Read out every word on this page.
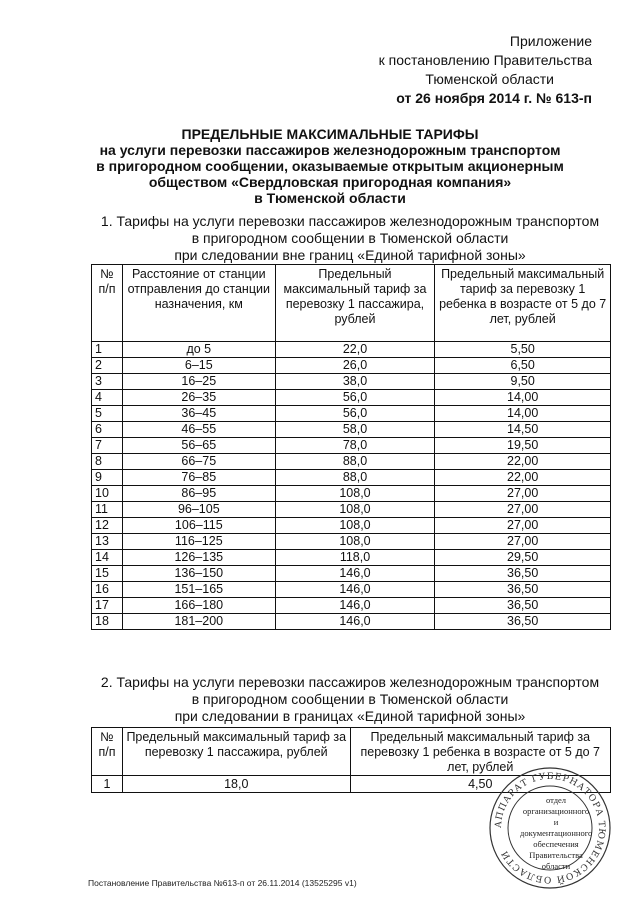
Приложение
к постановлению Правительства
Тюменской области
от 26 ноября 2014 г. № 613-п
ПРЕДЕЛЬНЫЕ МАКСИМАЛЬНЫЕ ТАРИФЫ
на услуги перевозки пассажиров железнодорожным транспортом
в пригородном сообщении, оказываемые открытым акционерным
обществом «Свердловская пригородная компания»
в Тюменской области
1. Тарифы на услуги перевозки пассажиров железнодорожным транспортом
в пригородном сообщении в Тюменской области
при следовании вне границ «Единой тарифной зоны»
№ п/п	Расстояние от станции отправления до станции назначения, км	Предельный максимальный тариф за перевозку 1 пассажира, рублей	Предельный максимальный тариф за перевозку 1 ребенка в возрасте от 5 до 7 лет, рублей
1	до 5	22,0	5,50
2	6–15	26,0	6,50
3	16–25	38,0	9,50
4	26–35	56,0	14,00
5	36–45	56,0	14,00
6	46–55	58,0	14,50
7	56–65	78,0	19,50
8	66–75	88,0	22,00
9	76–85	88,0	22,00
10	86–95	108,0	27,00
11	96–105	108,0	27,00
12	106–115	108,0	27,00
13	116–125	108,0	27,00
14	126–135	118,0	29,50
15	136–150	146,0	36,50
16	151–165	146,0	36,50
17	166–180	146,0	36,50
18	181–200	146,0	36,50
2. Тарифы на услуги перевозки пассажиров железнодорожным транспортом
в пригородном сообщении в Тюменской области
при следовании в границах «Единой тарифной зоны»
№ п/п	Предельный максимальный тариф за перевозку 1 пассажира, рублей	Предельный максимальный тариф за перевозку 1 ребенка в возрасте от 5 до 7 лет, рублей
1	18,0	4,50
АППАРАТ ГУБЕРНАТОРА ТЮМЕНСКОЙ ОБЛАСТИ
отдел организационного и документационного обеспечения Правительства области
Постановление Правительства №613-п от 26.11.2014 (13525295 v1)
